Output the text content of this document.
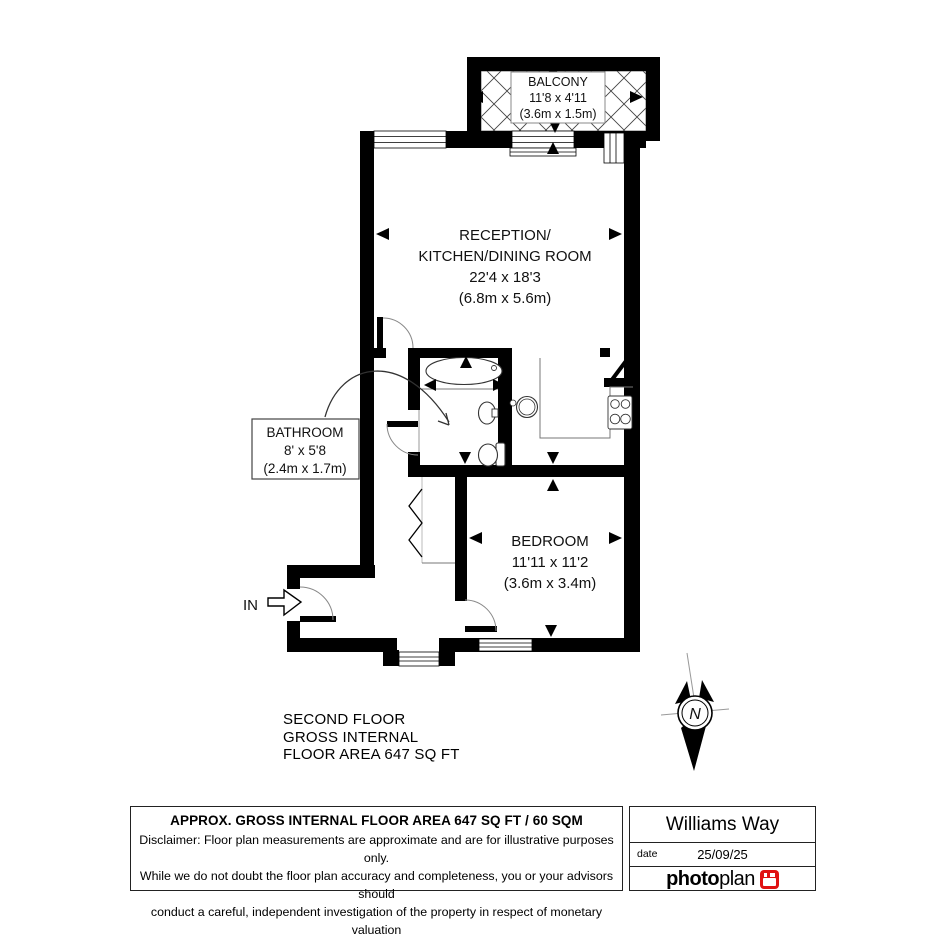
BALCONY
11'8 x 4'11
(3.6m x 1.5m)
RECEPTION/
KITCHEN/DINING ROOM
22'4 x 18'3
(6.8m x 5.6m)
BATHROOM
8' x 5'8
(2.4m x 1.7m)
BEDROOM
11'11 x 11'2
(3.6m x 3.4m)
IN
N
SECOND FLOOR
GROSS INTERNAL
FLOOR AREA 647 SQ FT
APPROX. GROSS INTERNAL FLOOR AREA 647 SQ FT / 60 SQM
Disclaimer: Floor plan measurements are approximate and are for illustrative purposes only.
While we do not doubt the floor plan accuracy and completeness, you or your advisors should
conduct a careful, independent investigation of the property in respect of monetary valuation
Williams Way
date	25/09/25
photoplan
